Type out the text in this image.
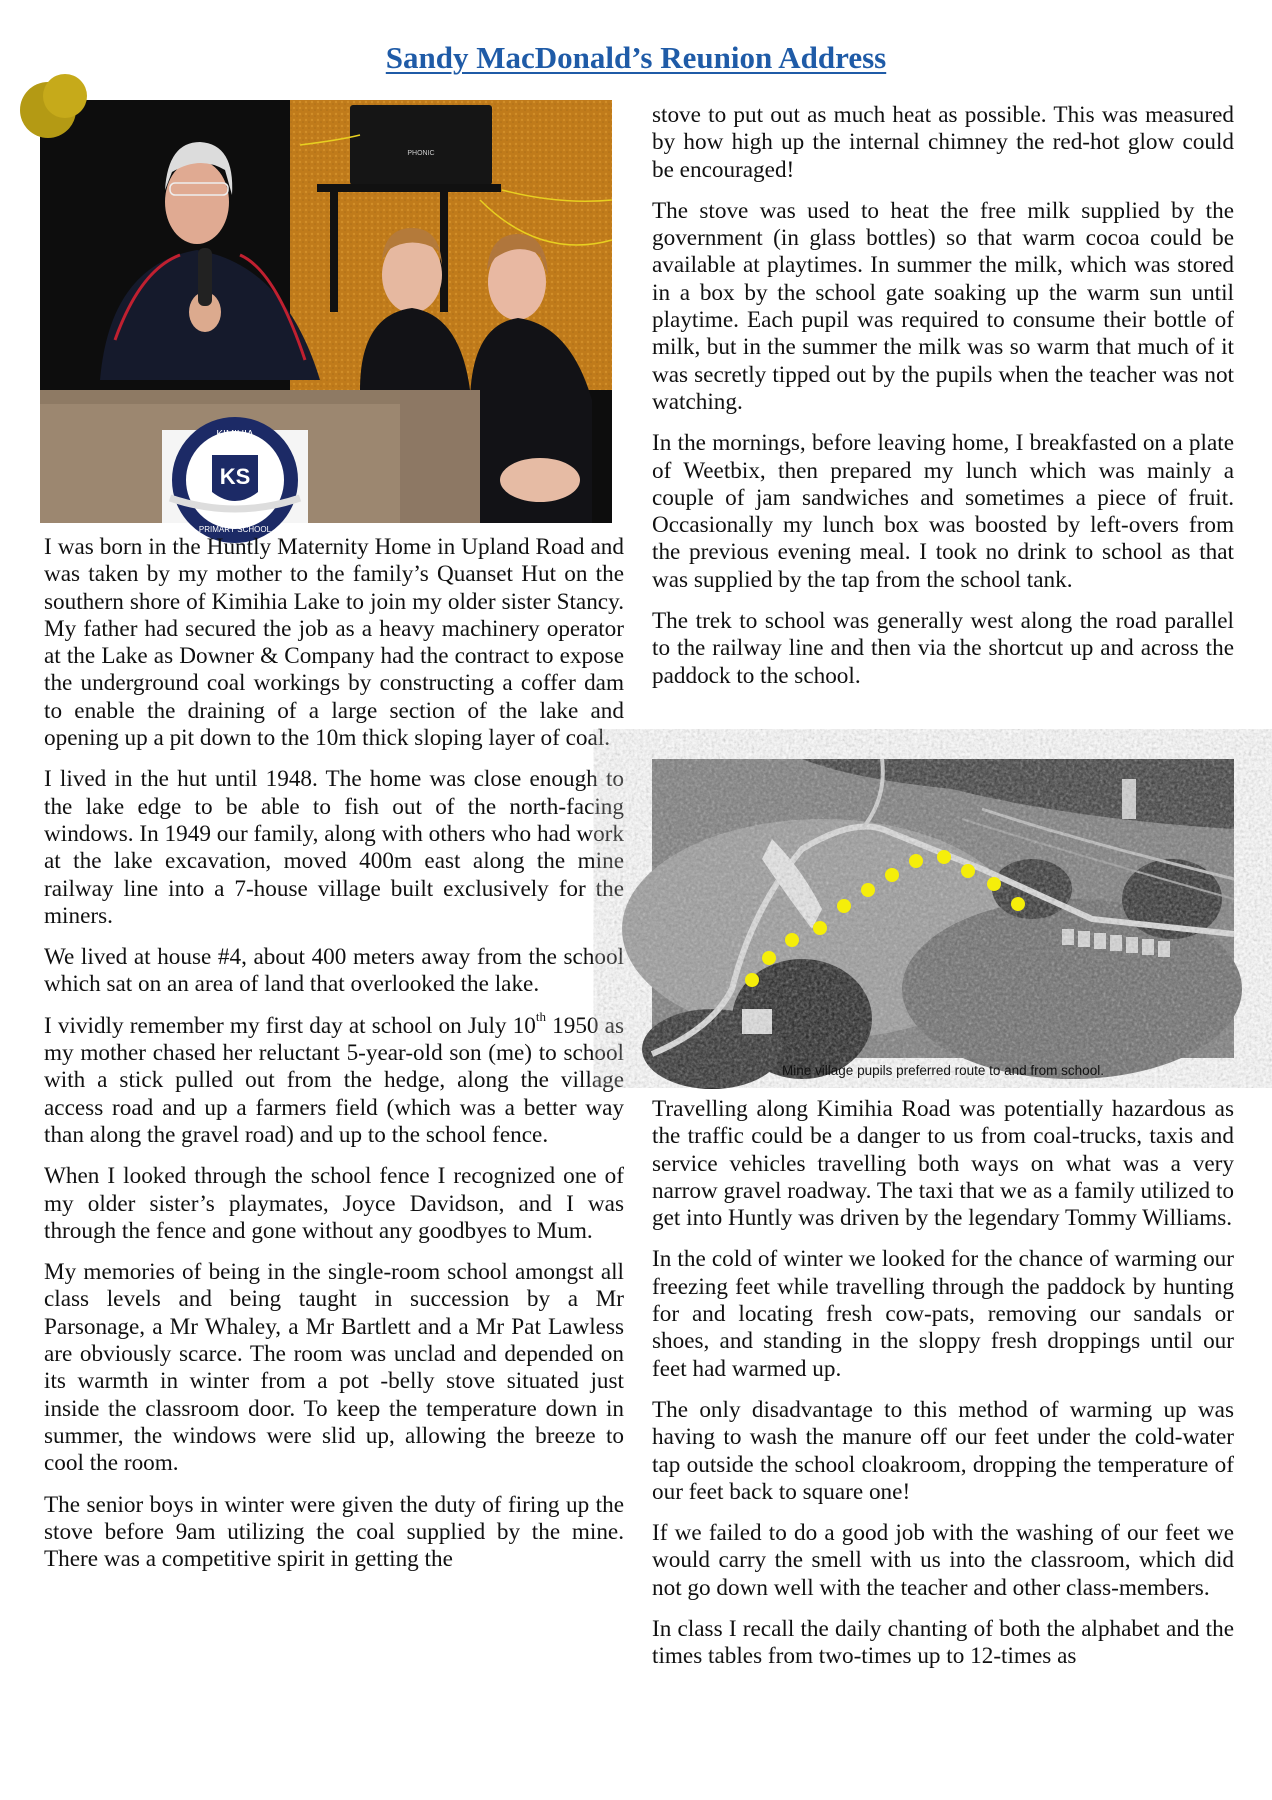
Sandy MacDonald’s Reunion Address
PHONIC
KS
KIMIHIA
PRIMARY SCHOOL

I was born in the Huntly Maternity Home in Upland Road and was taken by my mother to the family’s Quanset Hut on the southern shore of Kimihia Lake to join my older sister Stancy. My father had secured the job as a heavy machinery operator at the Lake as Downer & Company had the contract to expose the underground coal workings by constructing a coffer dam to enable the draining of a large section of the lake and opening up a pit down to the 10m thick sloping layer of coal.

I lived in the hut until 1948. The home was close enough to the lake edge to be able to fish out of the north-facing windows. In 1949 our family, along with others who had work at the lake excavation, moved 400m east along the mine railway line into a 7-house village built exclusively for the miners.

We lived at house #4, about 400 meters away from the school which sat on an area of land that overlooked the lake.

I vividly remember my first day at school on July 10th 1950 as my mother chased her reluctant 5-year-old son (me) to school with a stick pulled out from the hedge, along the village access road and up a farmers field (which was a better way than along the gravel road) and up to the school fence.

When I looked through the school fence I recognized one of my older sister’s playmates, Joyce Davidson, and I was through the fence and gone without any goodbyes to Mum.

My memories of being in the single-room school amongst all class levels and being taught in succession by a Mr Parsonage, a Mr Whaley, a Mr Bartlett and a Mr Pat Lawless are obviously scarce. The room was unclad and depended on its warmth in winter from a pot -belly stove situated just inside the classroom door. To keep the temperature down in summer, the windows were slid up, allowing the breeze to cool the room.

The senior boys in winter were given the duty of firing up the stove before 9am utilizing the coal supplied by the mine. There was a competitive spirit in getting the

stove to put out as much heat as possible. This was measured by how high up the internal chimney the red-hot glow could be encouraged!

The stove was used to heat the free milk supplied by the government (in glass bottles) so that warm cocoa could be available at playtimes. In summer the milk, which was stored in a box by the school gate soaking up the warm sun until playtime. Each pupil was required to consume their bottle of milk, but in the summer the milk was so warm that much of it was secretly tipped out by the pupils when the teacher was not watching.

In the mornings, before leaving home, I breakfasted on a plate of Weetbix, then prepared my lunch which was mainly a couple of jam sandwiches and sometimes a piece of fruit. Occasionally my lunch box was boosted by left-overs from the previous evening meal. I took no drink to school as that was supplied by the tap from the school tank.

The trek to school was generally west along the road parallel to the railway line and then via the shortcut up and across the paddock to the school.

Mine village pupils preferred route to and from school.

Travelling along Kimihia Road was potentially hazardous as the traffic could be a danger to us from coal-trucks, taxis and service vehicles travelling both ways on what was a very narrow gravel roadway. The taxi that we as a family utilized to get into Huntly was driven by the legendary Tommy Williams.

In the cold of winter we looked for the chance of warming our freezing feet while travelling through the paddock by hunting for and locating fresh cow-pats, removing our sandals or shoes, and standing in the sloppy fresh droppings until our feet had warmed up.

The only disadvantage to this method of warming up was having to wash the manure off our feet under the cold-water tap outside the school cloakroom, dropping the temperature of our feet back to square one!

If we failed to do a good job with the washing of our feet we would carry the smell with us into the classroom, which did not go down well with the teacher and other class-members.

In class I recall the daily chanting of both the alphabet and the times tables from two-times up to 12-times as
